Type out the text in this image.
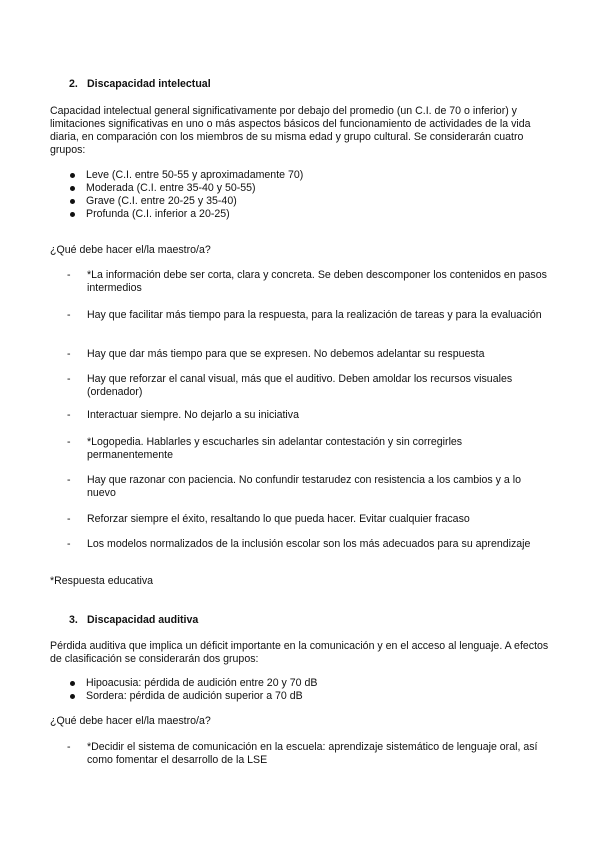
2. Discapacidad intelectual

Capacidad intelectual general significativamente por debajo del promedio (un C.I. de 70 o inferior) y limitaciones significativas en uno o más aspectos básicos del funcionamiento de actividades de la vida diaria, en comparación con los miembros de su misma edad y grupo cultural. Se considerarán cuatro grupos:

Leve (C.I. entre 50-55 y aproximadamente 70)
Moderada (C.I. entre 35-40 y 50-55)
Grave (C.I. entre 20-25 y 35-40)
Profunda (C.I. inferior a 20-25)

¿Qué debe hacer el/la maestro/a?

- *La información debe ser corta, clara y concreta. Se deben descomponer los contenidos en pasos intermedios
- Hay que facilitar más tiempo para la respuesta, para la realización de tareas y para la evaluación
- Hay que dar más tiempo para que se expresen. No debemos adelantar su respuesta
- Hay que reforzar el canal visual, más que el auditivo. Deben amoldar los recursos visuales (ordenador)
- Interactuar siempre. No dejarlo a su iniciativa
- *Logopedia. Hablarles y escucharles sin adelantar contestación y sin corregirles permanentemente
- Hay que razonar con paciencia. No confundir testarudez con resistencia a los cambios y a lo nuevo
- Reforzar siempre el éxito, resaltando lo que pueda hacer. Evitar cualquier fracaso
- Los modelos normalizados de la inclusión escolar son los más adecuados para su aprendizaje

*Respuesta educativa

3. Discapacidad auditiva

Pérdida auditiva que implica un déficit importante en la comunicación y en el acceso al lenguaje. A efectos de clasificación se considerarán dos grupos:

Hipoacusia: pérdida de audición entre 20 y 70 dB
Sordera: pérdida de audición superior a 70 dB

¿Qué debe hacer el/la maestro/a?

- *Decidir el sistema de comunicación en la escuela: aprendizaje sistemático de lenguaje oral, así como fomentar el desarrollo de la LSE
